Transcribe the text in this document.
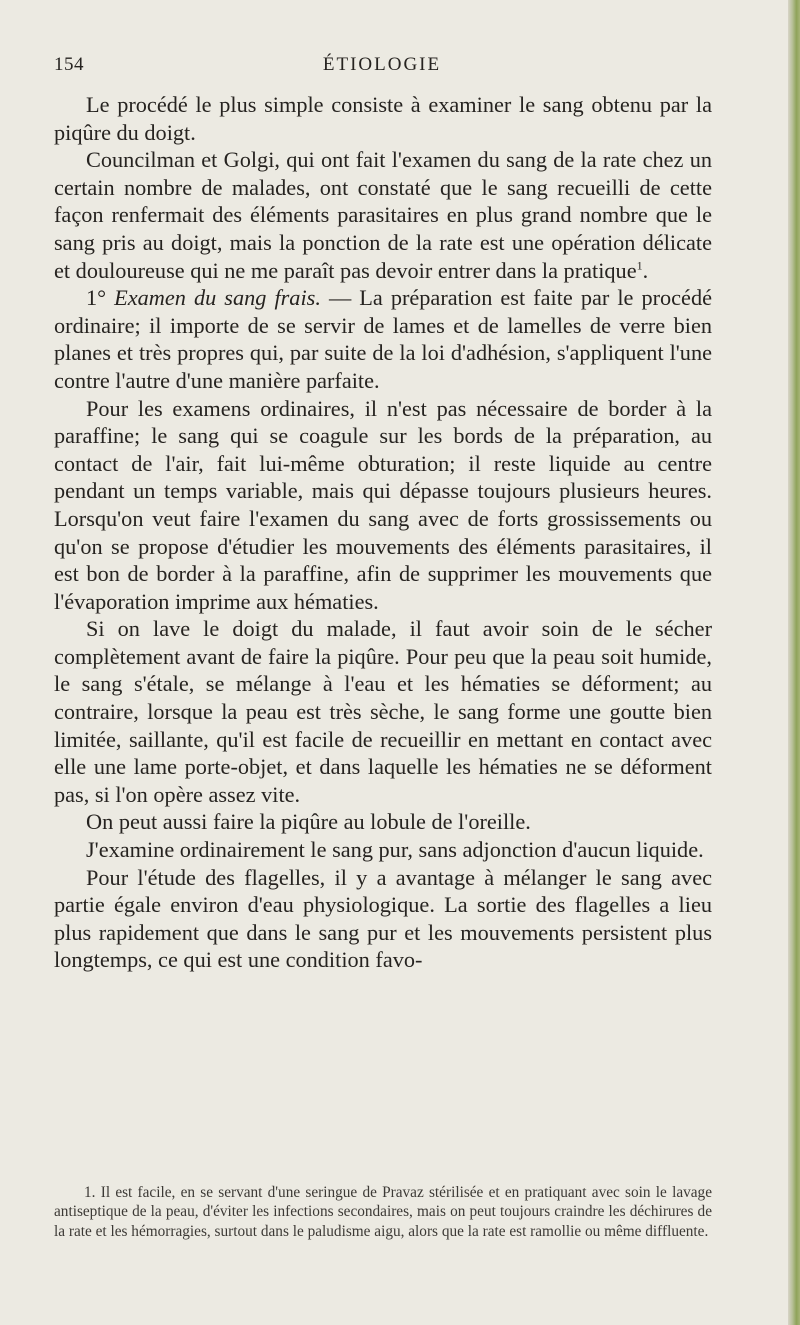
154	ÉTIOLOGIE

Le procédé le plus simple consiste à examiner le sang obtenu par la piqûre du doigt.

Councilman et Golgi, qui ont fait l'examen du sang de la rate chez un certain nombre de malades, ont constaté que le sang recueilli de cette façon renfermait des éléments parasitaires en plus grand nombre que le sang pris au doigt, mais la ponction de la rate est une opération délicate et douloureuse qui ne me paraît pas devoir entrer dans la pratique$^1$.

1° Examen du sang frais. — La préparation est faite par le procédé ordinaire; il importe de se servir de lames et de lamelles de verre bien planes et très propres qui, par suite de la loi d'adhésion, s'appliquent l'une contre l'autre d'une manière parfaite.

Pour les examens ordinaires, il n'est pas nécessaire de border à la paraffine; le sang qui se coagule sur les bords de la préparation, au contact de l'air, fait lui-même obturation; il reste liquide au centre pendant un temps variable, mais qui dépasse toujours plusieurs heures. Lorsqu'on veut faire l'examen du sang avec de forts grossissements ou qu'on se propose d'étudier les mouvements des éléments parasitaires, il est bon de border à la paraffine, afin de supprimer les mouvements que l'évaporation imprime aux hématies.

Si on lave le doigt du malade, il faut avoir soin de le sécher complètement avant de faire la piqûre. Pour peu que la peau soit humide, le sang s'étale, se mélange à l'eau et les hématies se déforment; au contraire, lorsque la peau est très sèche, le sang forme une goutte bien limitée, saillante, qu'il est facile de recueillir en mettant en contact avec elle une lame porte-objet, et dans laquelle les hématies ne se déforment pas, si l'on opère assez vite.

On peut aussi faire la piqûre au lobule de l'oreille.

J'examine ordinairement le sang pur, sans adjonction d'aucun liquide.

Pour l'étude des flagelles, il y a avantage à mélanger le sang avec partie égale environ d'eau physiologique. La sortie des flagelles a lieu plus rapidement que dans le sang pur et les mouvements persistent plus longtemps, ce qui est une condition favo-

1. Il est facile, en se servant d'une seringue de Pravaz stérilisée et en pratiquant avec soin le lavage antiseptique de la peau, d'éviter les infections secondaires, mais on peut toujours craindre les déchirures de la rate et les hémorragies, surtout dans le paludisme aigu, alors que la rate est ramollie ou même diffluente.
